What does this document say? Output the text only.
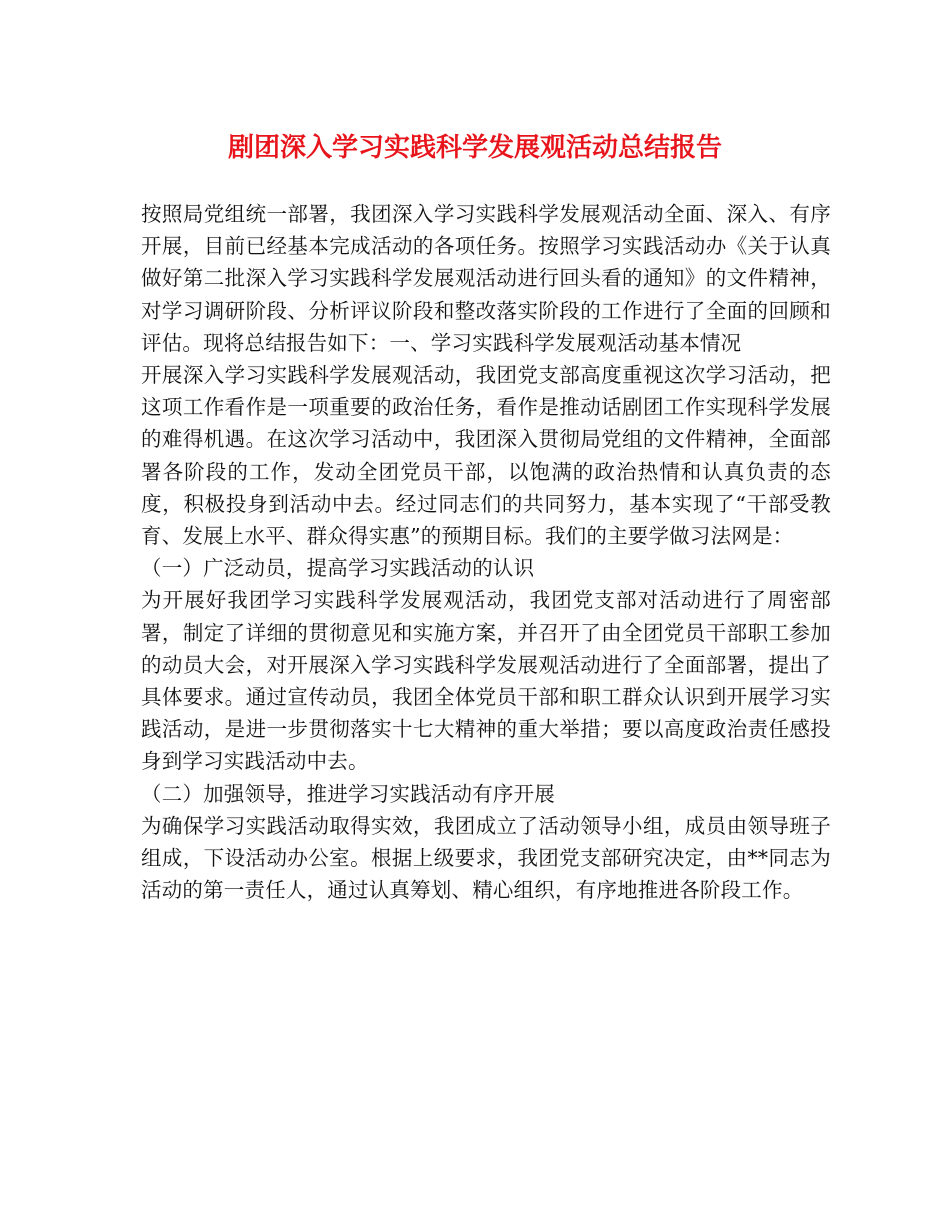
剧团深入学习实践科学发展观活动总结报告

按照局党组统一部署，我团深入学习实践科学发展观活动全面、深入、有序开展，目前已经基本完成活动的各项任务。按照学习实践活动办《关于认真做好第二批深入学习实践科学发展观活动进行回头看的通知》的文件精神，对学习调研阶段、分析评议阶段和整改落实阶段的工作进行了全面的回顾和评估。现将总结报告如下：一、学习实践科学发展观活动基本情况

开展深入学习实践科学发展观活动，我团党支部高度重视这次学习活动，把这项工作看作是一项重要的政治任务，看作是推动话剧团工作实现科学发展的难得机遇。在这次学习活动中，我团深入贯彻局党组的文件精神，全面部署各阶段的工作，发动全团党员干部，以饱满的政治热情和认真负责的态度，积极投身到活动中去。经过同志们的共同努力，基本实现了“干部受教育、发展上水平、群众得实惠”的预期目标。我们的主要学做习法网是：

（一）广泛动员，提高学习实践活动的认识

为开展好我团学习实践科学发展观活动，我团党支部对活动进行了周密部署，制定了详细的贯彻意见和实施方案，并召开了由全团党员干部职工参加的动员大会，对开展深入学习实践科学发展观活动进行了全面部署，提出了具体要求。通过宣传动员，我团全体党员干部和职工群众认识到开展学习实践活动，是进一步贯彻落实十七大精神的重大举措；要以高度政治责任感投身到学习实践活动中去。

（二）加强领导，推进学习实践活动有序开展

为确保学习实践活动取得实效，我团成立了活动领导小组，成员由领导班子组成，下设活动办公室。根据上级要求，我团党支部研究决定，由**同志为活动的第一责任人，通过认真筹划、精心组织，有序地推进各阶段工作。
